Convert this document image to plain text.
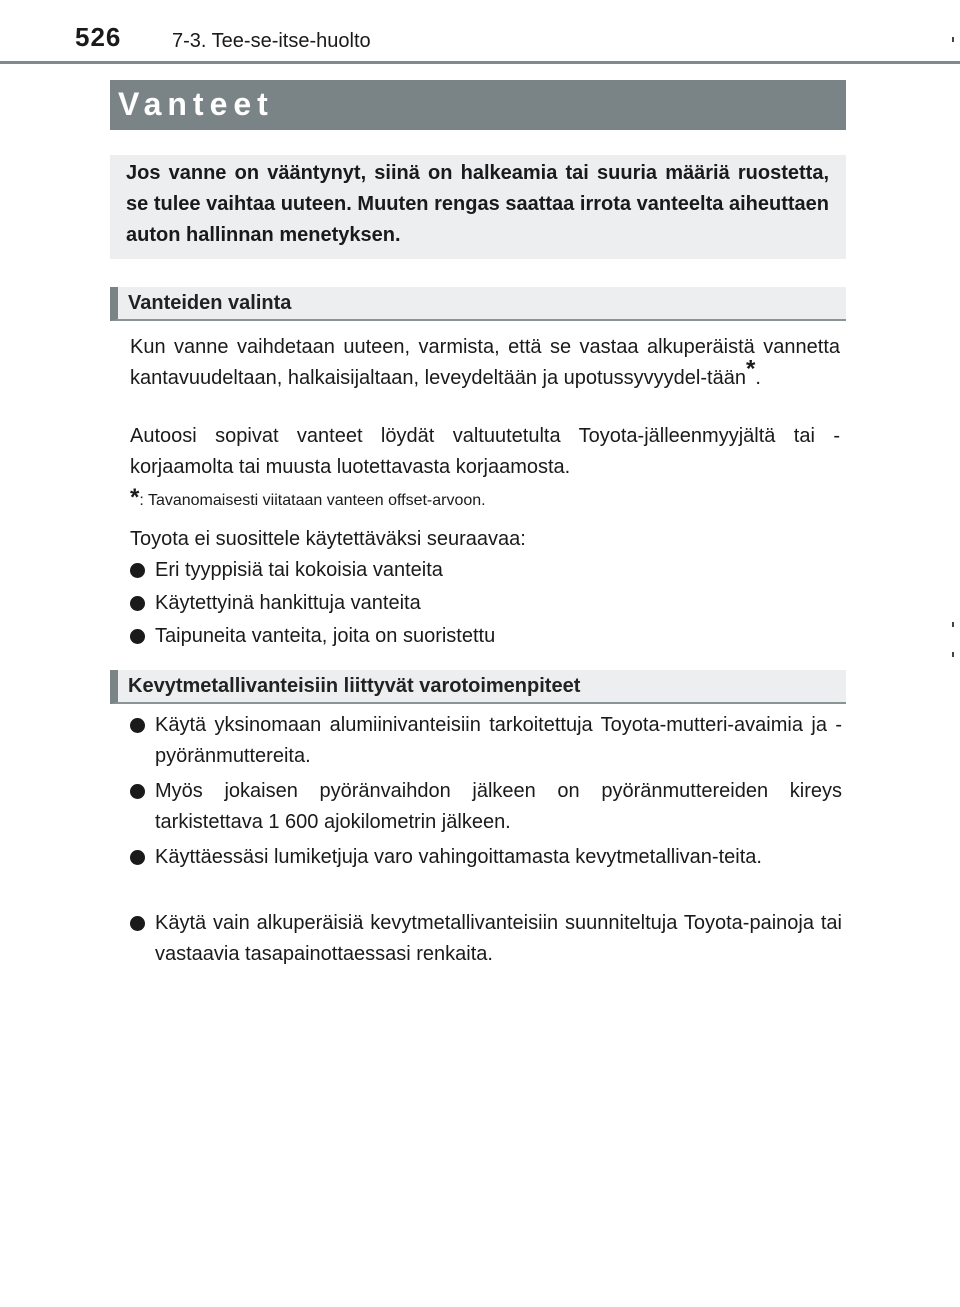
526	7-3. Tee-se-itse-huolto
Vanteet
Jos vanne on vääntynyt, siinä on halkeamia tai suuria määriä ruostetta, se tulee vaihtaa uuteen. Muuten rengas saattaa irrota vanteelta aiheuttaen auton hallinnan menetyksen.
Vanteiden valinta
Kun vanne vaihdetaan uuteen, varmista, että se vastaa alkuperäistä vannetta kantavuudeltaan, halkaisijaltaan, leveydeltään ja upotussyvyydel-tään*.
Autoosi sopivat vanteet löydät valtuutetulta Toyota-jälleenmyyjältä tai -korjaamolta tai muusta luotettavasta korjaamosta.
*: Tavanomaisesti viitataan vanteen offset-arvoon.
Toyota ei suosittele käytettäväksi seuraavaa:
Eri tyyppisiä tai kokoisia vanteita
Käytettyinä hankittuja vanteita
Taipuneita vanteita, joita on suoristettu
Kevytmetallivanteisiin liittyvät varotoimenpiteet
Käytä yksinomaan alumiinivanteisiin tarkoitettuja Toyota-mutteri-avaimia ja -pyöränmuttereita.
Myös jokaisen pyöränvaihdon jälkeen on pyöränmuttereiden kireys tarkistettava 1 600 ajokilometrin jälkeen.
Käyttäessäsi lumiketjuja varo vahingoittamasta kevytmetallivan-teita.
Käytä vain alkuperäisiä kevytmetallivanteisiin suunniteltuja Toyota-painoja tai vastaavia tasapainottaessasi renkaita.
